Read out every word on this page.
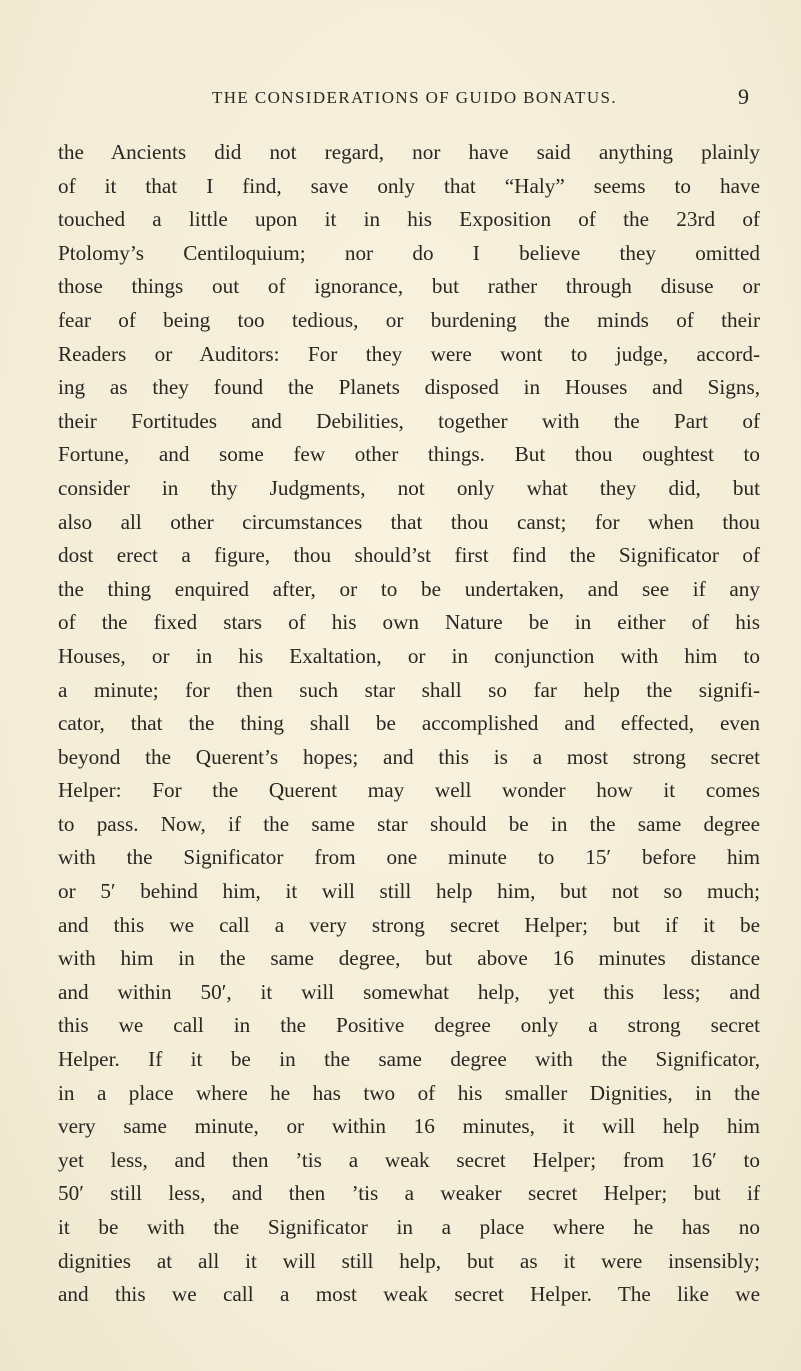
THE CONSIDERATIONS OF GUIDO BONATUS.	9
the Ancients did not regard, nor have said anything plainly
of it that I find, save only that “Haly” seems to have
touched a little upon it in his Exposition of the 23rd of
Ptolomy’s Centiloquium; nor do I believe they omitted
those things out of ignorance, but rather through disuse or
fear of being too tedious, or burdening the minds of their
Readers or Auditors: For they were wont to judge, accord-
ing as they found the Planets disposed in Houses and Signs,
their Fortitudes and Debilities, together with the Part of
Fortune, and some few other things. But thou oughtest to
consider in thy Judgments, not only what they did, but
also all other circumstances that thou canst; for when thou
dost erect a figure, thou should’st first find the Significator of
the thing enquired after, or to be undertaken, and see if any
of the fixed stars of his own Nature be in either of his
Houses, or in his Exaltation, or in conjunction with him to
a minute; for then such star shall so far help the signifi-
cator, that the thing shall be accomplished and effected, even
beyond the Querent’s hopes; and this is a most strong secret
Helper: For the Querent may well wonder how it comes
to pass. Now, if the same star should be in the same degree
with the Significator from one minute to 15′ before him
or 5′ behind him, it will still help him, but not so much;
and this we call a very strong secret Helper; but if it be
with him in the same degree, but above 16 minutes distance
and within 50′, it will somewhat help, yet this less; and
this we call in the Positive degree only a strong secret
Helper. If it be in the same degree with the Significator,
in a place where he has two of his smaller Dignities, in the
very same minute, or within 16 minutes, it will help him
yet less, and then ’tis a weak secret Helper; from 16′ to
50′ still less, and then ’tis a weaker secret Helper; but if
it be with the Significator in a place where he has no
dignities at all it will still help, but as it were insensibly;
and this we call a most weak secret Helper. The like we
